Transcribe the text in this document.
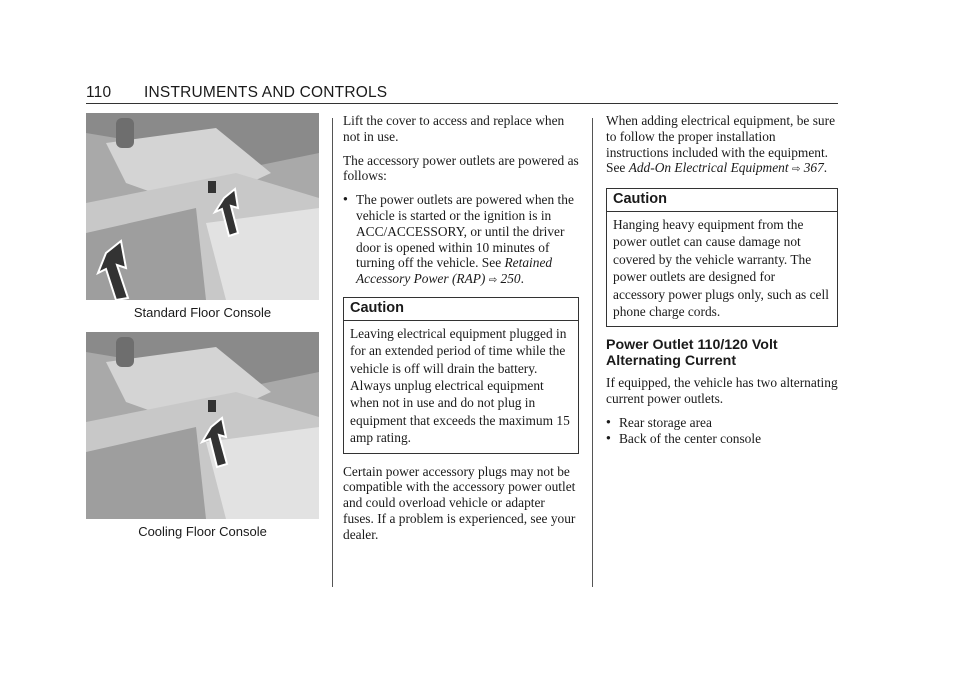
110 INSTRUMENTS AND CONTROLS
Standard Floor Console
Cooling Floor Console

Lift the cover to access and replace when not in use.

The accessory power outlets are powered as follows:

● The power outlets are powered when the vehicle is started or the ignition is in ACC/ACCESSORY, or until the driver door is opened within 10 minutes of turning off the vehicle. See Retained Accessory Power (RAP) ⇨ 250.
Caution
Leaving electrical equipment plugged in for an extended period of time while the vehicle is off will drain the battery. Always unplug electrical equipment when not in use and do not plug in equipment that exceeds the maximum 15 amp rating.

Certain power accessory plugs may not be compatible with the accessory power outlet and could overload vehicle or adapter fuses. If a problem is experienced, see your dealer.

When adding electrical equipment, be sure to follow the proper installation instructions included with the equipment. See Add-On Electrical Equipment ⇨ 367.

Caution
Hanging heavy equipment from the power outlet can cause damage not covered by the vehicle warranty. The power outlets are designed for accessory power plugs only, such as cell phone charge cords.
Power Outlet 110/120 Volt Alternating Current

If equipped, the vehicle has two alternating current power outlets.

● Rear storage area
● Back of the center console
